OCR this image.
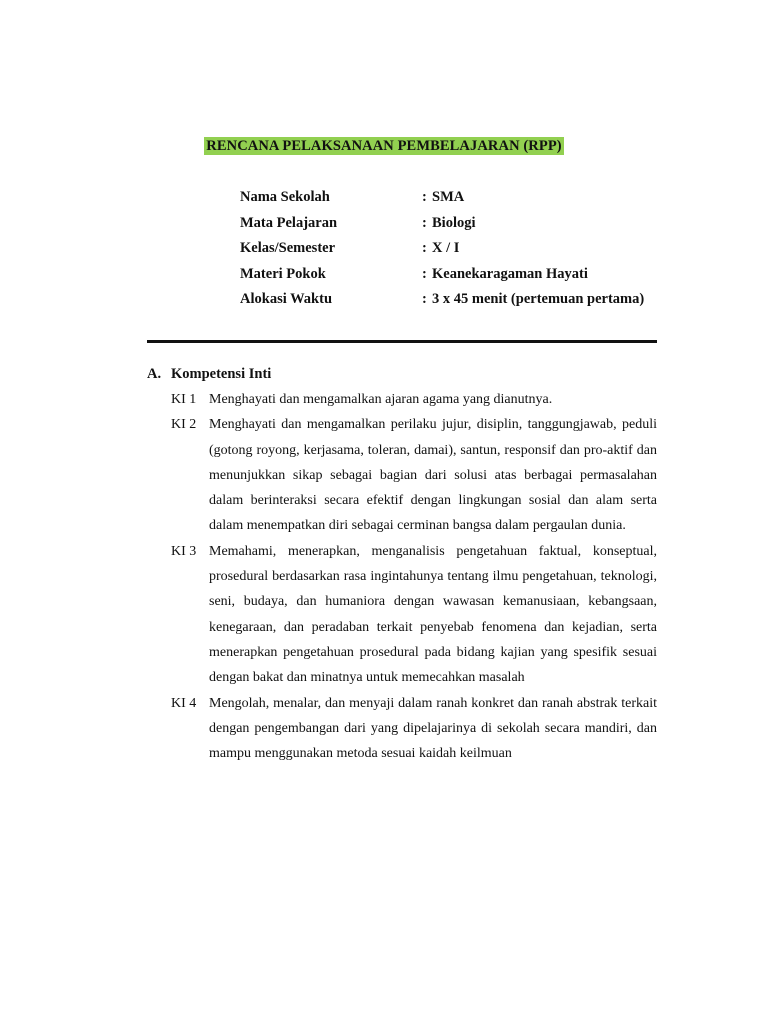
RENCANA PELAKSANAAN PEMBELAJARAN (RPP)
Nama Sekolah	: SMA
Mata Pelajaran	: Biologi
Kelas/Semester	: X / I
Materi Pokok	: Keanekaragaman Hayati
Alokasi Waktu	: 3 x 45 menit (pertemuan pertama)
A. Kompetensi Inti
KI 1 Menghayati dan mengamalkan ajaran agama yang dianutnya.
KI 2 Menghayati dan mengamalkan perilaku jujur, disiplin, tanggungjawab, peduli (gotong royong, kerjasama, toleran, damai), santun, responsif dan pro-aktif dan menunjukkan sikap sebagai bagian dari solusi atas berbagai permasalahan dalam berinteraksi secara efektif dengan lingkungan sosial dan alam serta dalam menempatkan diri sebagai cerminan bangsa dalam pergaulan dunia.
KI 3 Memahami, menerapkan, menganalisis pengetahuan faktual, konseptual, prosedural berdasarkan rasa ingintahunya tentang ilmu pengetahuan, teknologi, seni, budaya, dan humaniora dengan wawasan kemanusiaan, kebangsaan, kenegaraan, dan peradaban terkait penyebab fenomena dan kejadian, serta menerapkan pengetahuan prosedural pada bidang kajian yang spesifik sesuai dengan bakat dan minatnya untuk memecahkan masalah
KI 4 Mengolah, menalar, dan menyaji dalam ranah konkret dan ranah abstrak terkait dengan pengembangan dari yang dipelajarinya di sekolah secara mandiri, dan mampu menggunakan metoda sesuai kaidah keilmuan
